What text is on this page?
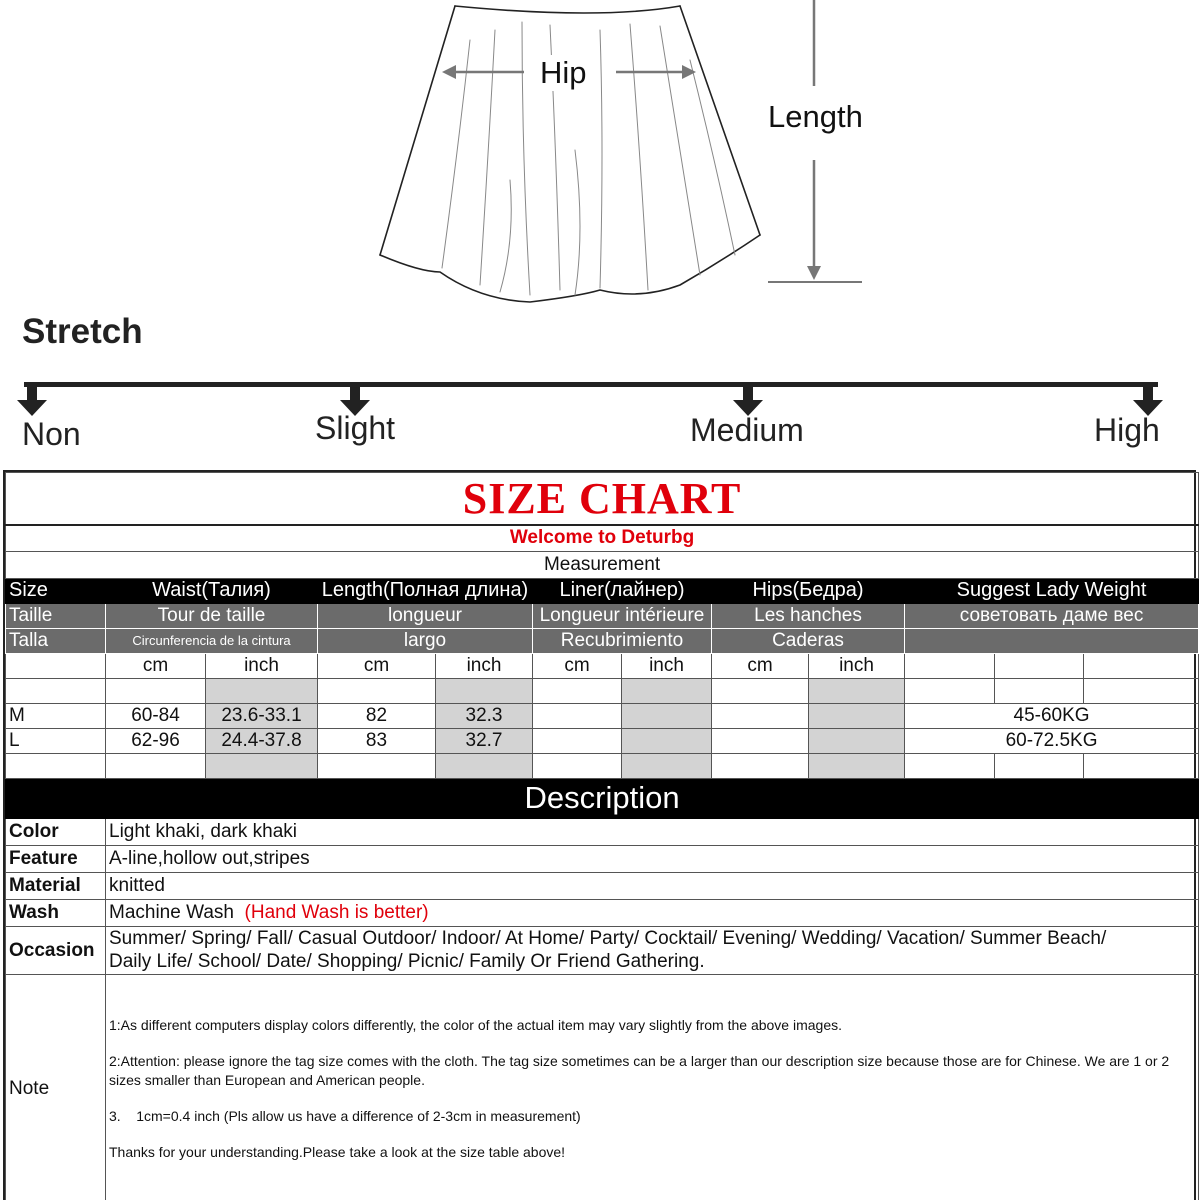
Hip
Length
Stretch
Non	Slight	Medium	High
SIZE CHART											
Welcome to Deturbg											
Measurement											
Size	Waist(Талия)		Length(Полная длина)		Liner(лайнер)		Hips(Бедра)		Suggest Lady Weight		
Taille	Tour de taille		longueur		Longueur intérieure		Les hanches		советовать даме вес		
Talla	Circunferencia de la cintura		largo		Recubrimiento		Caderas				
	cm	inch	cm	inch	cm	inch	cm	inch			

M	60-84	23.6-33.1	82	32.3					45-60KG		
L	62-96	24.4-37.8	83	32.7					60-72.5KG		

Description											
Color	Light khaki, dark khaki										
Feature	A-line,hollow out,stripes										
Material	knitted										
Wash	Machine Wash (Hand Wash is better)										
Occasion	Summer/ Spring/ Fall/ Casual Outdoor/ Indoor/ At Home/ Party/ Cocktail/ Evening/ Wedding/ Vacation/ Summer Beach/
Daily Life/ School/ Date/ Shopping/ Picnic/ Family Or Friend Gathering.										

Note	1:As different computers display colors differently, the color of the actual item may vary slightly from the above images.

2:Attention: please ignore the tag size comes with the cloth. The tag size sometimes can be a larger than our description size because those are for Chinese. We are 1 or 2 sizes smaller than European and American people.

3.    1cm=0.4 inch (Pls allow us have a difference of 2-3cm in measurement)

Thanks for your understanding.Please take a look at the size table above!										
